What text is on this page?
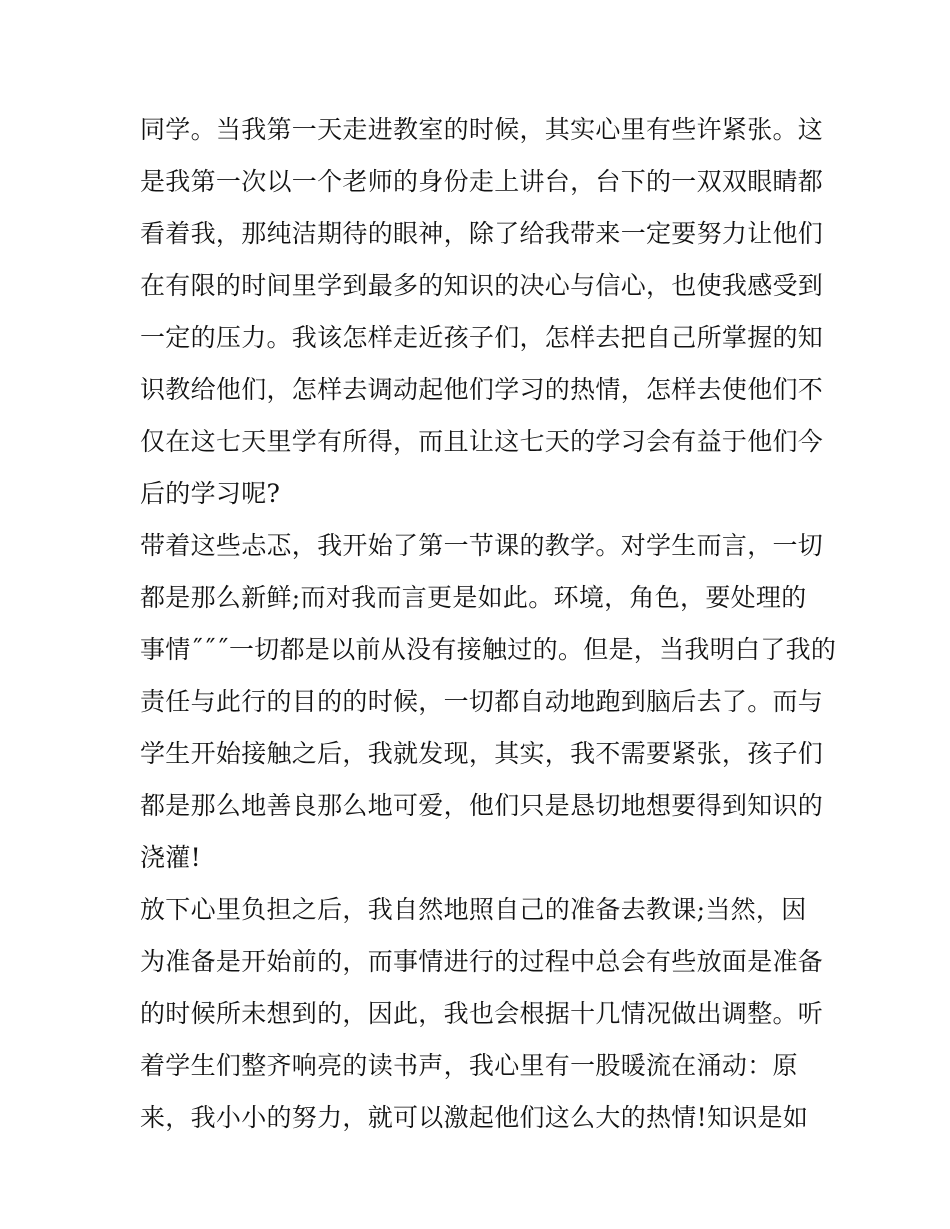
同学。当我第一天走进教室的时候，其实心里有些许紧张。这
是我第一次以一个老师的身份走上讲台，台下的一双双眼睛都
看着我，那纯洁期待的眼神，除了给我带来一定要努力让他们
在有限的时间里学到最多的知识的决心与信心，也使我感受到
一定的压力。我该怎样走近孩子们，怎样去把自己所掌握的知
识教给他们，怎样去调动起他们学习的热情，怎样去使他们不
仅在这七天里学有所得，而且让这七天的学习会有益于他们今
后的学习呢?
带着这些忐忑，我开始了第一节课的教学。对学生而言，一切
都是那么新鲜;而对我而言更是如此。环境，角色，要处理的
事情˝˝˝一切都是以前从没有接触过的。但是，当我明白了我的
责任与此行的目的的时候，一切都自动地跑到脑后去了。而与
学生开始接触之后，我就发现，其实，我不需要紧张，孩子们
都是那么地善良那么地可爱，他们只是恳切地想要得到知识的
浇灌!
放下心里负担之后，我自然地照自己的准备去教课;当然，因
为准备是开始前的，而事情进行的过程中总会有些放面是准备
的时候所未想到的，因此，我也会根据十几情况做出调整。听
着学生们整齐响亮的读书声，我心里有一股暖流在涌动：原
来，我小小的努力，就可以激起他们这么大的热情!知识是如
